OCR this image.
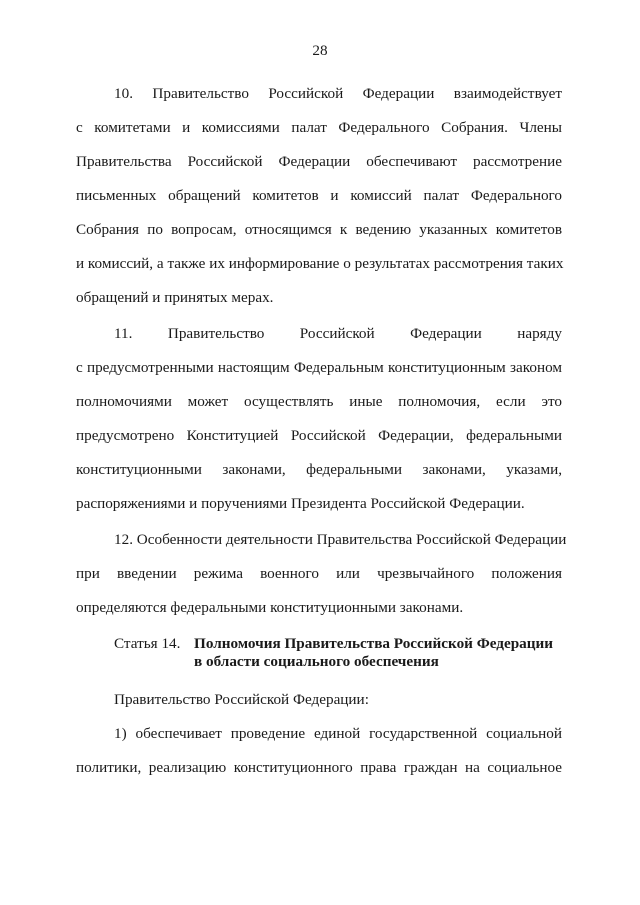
28
10. Правительство Российской Федерации взаимодействует
с комитетами и комиссиями палат Федерального Собрания. Члены
Правительства Российской Федерации обеспечивают рассмотрение
письменных обращений комитетов и комиссий палат Федерального
Собрания по вопросам, относящимся к ведению указанных комитетов
и комиссий, а также их информирование о результатах рассмотрения таких
обращений и принятых мерах.
11. Правительство Российской Федерации наряду
с предусмотренными настоящим Федеральным конституционным законом
полномочиями может осуществлять иные полномочия, если это
предусмотрено Конституцией Российской Федерации, федеральными
конституционными законами, федеральными законами, указами,
распоряжениями и поручениями Президента Российской Федерации.
12. Особенности деятельности Правительства Российской Федерации
при введении режима военного или чрезвычайного положения
определяются федеральными конституционными законами.
Статья 14. Полномочия Правительства Российской Федерации
в области социального обеспечения
Правительство Российской Федерации:
1) обеспечивает проведение единой государственной социальной
политики, реализацию конституционного права граждан на социальное
